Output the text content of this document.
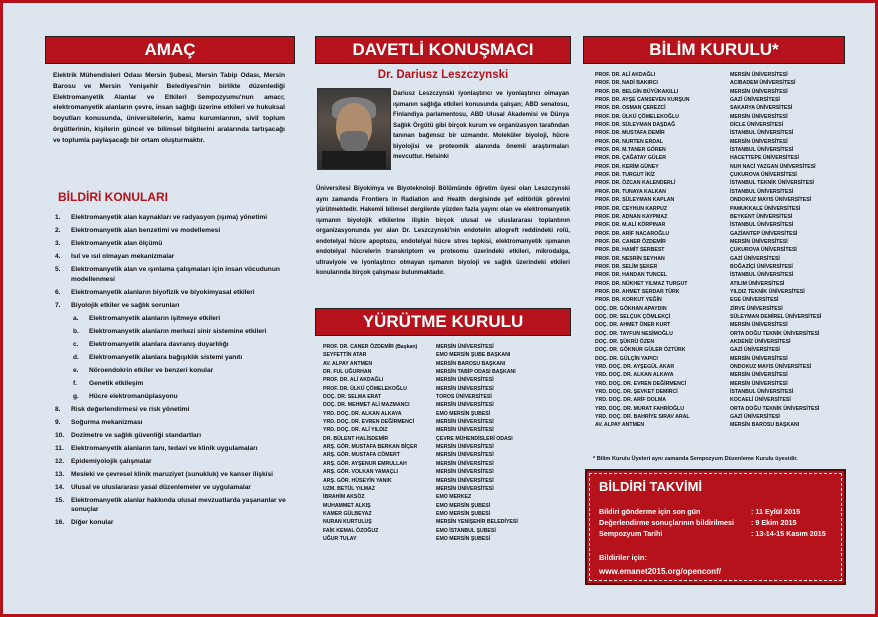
AMAÇ
Elektrik Mühendisleri Odası Mersin Şubesi, Mersin Tabip Odası, Mersin Barosu ve Mersin Yenişehir Belediyesi'nin birlikte düzenlediği Elektromanyetik Alanlar ve Etkileri Sempozyumu'nun amacı; elektromanyetik alanların çevre, insan sağlığı üzerine etkileri ve hukuksal boyutları konusunda, üniversitelerin, kamu kurumlarının, sivil toplum örgütlerinin, kişilerin güncel ve bilimsel bilgilerini aralarında tartışacağı ve toplumla paylaşacağı bir ortam oluşturmaktır.
BİLDİRİ KONULARI
1.	Elektromanyetik alan kaynakları ve radyasyon (ışıma) yönetimi
2.	Elektromanyetik alan benzetimi ve modellemesi
3.	Elektromanyetik alan ölçümü
4.	Isıl ve ısıl olmayan mekanizmalar
5.	Elektromanyetik alan ve ışınlama çalışmaları için insan vücudunun modellenmesi
6.	Elektromanyetik alanların biyofizik ve biyokimyasal etkileri
7.	Biyolojik etkiler ve sağlık sorunları
a.	Elektromanyetik alanların işitmeye etkileri
b.	Elektromanyetik alanların merkezi sinir sistemine etkileri
c.	Elektromanyetik alanlara davranış duyarlılığı
d.	Elektromanyetik alanlara bağışıklık sistemi yanıtı
e.	Nöroendokrin etkiler ve benzeri konular
f.	Genetik etkileşim
g.	Hücre elektromanüplasyonu
8.	Risk değerlendirmesi ve risk yönetimi
9.	Soğurma mekanizması
10.	Dozimetre ve sağlık güvenliği standartları
11.	Elektromanyetik alanların tanı, tedavi ve klinik uygulamaları
12.	Epidemiyolojik çalışmalar
13.	Mesleki ve çevresel klinik maruziyet (sunukluk) ve kanser ilişkisi
14.	Ulusal ve uluslararası yasal düzenlemeler ve uygulamalar
15.	Elektromanyetik alanlar hakkında ulusal mevzuatlarda yaşananlar ve sonuçlar
16.	Diğer konular
DAVETLİ KONUŞMACI
Dr. Dariusz Leszczynski
Dariusz Leszczynski iyonlaştırıcı ve iyonlaştırıcı olmayan ışımanın sağlığa etkileri konusunda çalışan; ABD senatosu, Finlandiya parlamentosu, ABD Ulusal Akademisi ve Dünya Sağlık Örgütü gibi birçok kurum ve organizasyon tarafından tanınan bağımsız bir uzmandır. Moleküler biyoloji, hücre biyolojisi ve proteomik alanında önemli araştırmaları mevcuttur. Helsinki
Üniversitesi Biyokimya ve Biyoteknoloji Bölümünde öğretim üyesi olan Leszczynski aynı zamanda Frontiers in Radiation and Health dergisinde şef editörlük görevini yürütmektedir. Hakemli bilimsel dergilerde yüzden fazla yayını olan ve elektromanyetik ışımanın biyolojik etkilerine ilişkin birçok ulusal ve uluslararası toplantının organizasyonunda yer alan Dr. Leszczynski'nin endotelin allogreft reddindeki rolü, endotelyal hücre apoptozu, endotelyal hücre stres tepkisi, elektromanyetik ışımanın endotelyal hücrelerin transkriptom ve proteomu üzerindeki etkileri, mikrodalga, ultraviyole ve iyonlaştırıcı olmayan ışımanın biyoloji ve sağlık üzerindeki etkileri konularında birçok çalışması bulunmaktadır.
YÜRÜTME KURULU
PROF. DR. CANER ÖZDEMİR (Başkan)	MERSİN ÜNİVERSİTESİ
SEYFETTİN ATAR	EMO MERSİN ŞUBE BAŞKANI
AV. ALPAY ANTMEN	MERSİN BAROSU BAŞKANI
DR. FUL UĞURHAN	MERSİN TABİP ODASI BAŞKANI
PROF. DR. ALİ AKDAĞLI	MERSİN ÜNİVERSİTESİ
PROF. DR. ÜLKÜ ÇÖMELEKOĞLU	MERSİN ÜNİVERSİTESİ
DOÇ. DR. SELMA ERAT	TOROS ÜNİVERSİTESİ
DOÇ. DR. MEHMET ALİ MAZMANCI	MERSİN ÜNİVERSİTESİ
YRD. DOÇ. DR. ALKAN ALKAYA	EMO MERSİN ŞUBESİ
YRD. DOÇ. DR. EVREN DEĞİRMENCİ	MERSİN ÜNİVERSİTESİ
YRD. DOÇ. DR. ALİ YILDIZ	MERSİN ÜNİVERSİTESİ
DR. BÜLENT HALİSDEMİR	ÇEVRE MÜHENDİSLERİ ODASI
ARŞ. GÖR. MUSTAFA BERKAN BİÇER	MERSİN ÜNİVERSİTESİ
ARŞ. GÖR. MUSTAFA CÖMERT	MERSİN ÜNİVERSİTESİ
ARŞ. GÖR. AYŞENUR EMRULLAH	MERSİN ÜNİVERSİTESİ
ARŞ. GÖR. VOLKAN YAMAÇLI	MERSİN ÜNİVERSİTESİ
ARŞ. GÖR. HÜSEYİN YANIK	MERSİN ÜNİVERSİTESİ
UZM. BETÜL YILMAZ	MERSİN ÜNİVERSİTESİ
İBRAHİM AKSÖZ	EMO MERKEZ
MUHAMMET ALKIŞ	EMO MERSİN ŞUBESİ
KAMER GÜLBEYAZ	EMO MERSİN ŞUBESİ
NURAN KURTULUŞ	MERSİN YENİŞEHİR BELEDİYESİ
FAİK KEMAL ÖZOĞUZ	EMO İSTANBUL ŞUBESİ
UĞUR TULAY	EMO MERSİN ŞUBESİ
BİLİM KURULU*
PROF. DR. ALİ AKDAĞLI	MERSİN ÜNİVERSİTESİ
PROF. DR. NADİ BAKIRCI	ACIBADEM ÜNİVERSİTESİ
PROF. DR. BELGİN BÜYÜKAKILLI	MERSİN ÜNİVERSİTESİ
PROF. DR. AYŞE CANSEVEN KURŞUN	GAZİ ÜNİVERSİTESİ
PROF. DR. OSMAN ÇEREZCİ	SAKARYA ÜNİVERSİTESİ
PROF. DR. ÜLKÜ ÇÖMELEKOĞLU	MERSİN ÜNİVERSİTESİ
PROF. DR. SÜLEYMAN DAŞDAĞ	DİCLE ÜNİVERSİTESİ
PROF. DR. MUSTAFA DEMİR	İSTANBUL ÜNİVERSİTESİ
PROF. DR. NURTEN ERDAL	MERSİN ÜNİVERSİTESİ
PROF. DR. M.TANER GÖREN	İSTANBUL ÜNİVERSİTESİ
PROF. DR. ÇAĞATAY GÜLER	HACETTEPE ÜNİVERSİTESİ
PROF. DR. KERİM GÜNEY	NUH NACİ YAZGAN ÜNİVERSİTESİ
PROF. DR. TURGUT İKİZ	ÇUKUROVA ÜNİVERSİTESİ
PROF. DR. ÖZCAN KALENDERLİ	İSTANBUL TEKNİK ÜNİVERSİTESİ
PROF. DR. TUNAYA KALKAN	İSTANBUL ÜNİVERSİTESİ
PROF. DR. SÜLEYMAN KAPLAN	ONDOKUZ MAYIS ÜNİVERSİTESİ
PROF. DR. CEYHUN KARPUZ	PAMUKKALE ÜNİVERSİTESİ
PROF. DR. ADNAN KAYPMAZ	BEYKENT ÜNİVERSİTESİ
PROF. DR. M.ALİ KÖRPINAR	İSTANBUL ÜNİVERSİTESİ
PROF. DR. ARİF NACAROĞLU	GAZİANTEP ÜNİVERSİTESİ
PROF. DR. CANER ÖZDEMİR	MERSİN ÜNİVERSİTESİ
PROF. DR. HAMİT SERBEST	ÇUKUROVA ÜNİVERSİTESİ
PROF. DR. NESRİN SEYHAN	GAZİ ÜNİVERSİTESİ
PROF. DR. SELİM ŞEKER	BOĞAZİÇİ ÜNİVERSİTESİ
PROF. DR. HANDAN TUNCEL	İSTANBUL ÜNİVERSİTESİ
PROF. DR. NÜKHET YILMAZ TURGUT	ATILIM ÜNİVERSİTESİ
PROF. DR. AHMET SERDAR TÜRK	YILDIZ TEKNİK ÜNİVERSİTESİ
PROF. DR. KORKUT YEĞİN	EGE ÜNİVERSİTESİ
DOÇ. DR. GÖKHAN APAYDIN	ZİRVE ÜNİVERSİTESİ
DOÇ. DR. SELÇUK ÇÖMLEKÇİ	SÜLEYMAN DEMİREL ÜNİVERSİTESİ
DOÇ. DR. AHMET ÖNER KURT	MERSİN ÜNİVERSİTESİ
DOÇ. DR. TAYFUN NESİMOĞLU	ORTA DOĞU TEKNİK ÜNİVERSİTESİ
DOÇ. DR. ŞÜKRÜ ÖZEN	AKDENİZ ÜNİVERSİTESİ
DOÇ. DR. GÖKNUR GÜLER ÖZTÜRK	GAZİ ÜNİVERSİTESİ
DOÇ. DR. GÜLÇİN YAPICI	MERSİN ÜNİVERSİTESİ
YRD. DOÇ. DR. AYŞEGÜL AKAR	ONDOKUZ MAYIS ÜNİVERSİTESİ
YRD. DOÇ. DR. ALKAN ALKAYA	MERSİN ÜNİVERSİTESİ
YRD. DOÇ. DR. EVREN DEĞİRMENCİ	MERSİN ÜNİVERSİTESİ
YRD. DOÇ. DR. ŞEVKET DEMİRCİ	İSTANBUL ÜNİVERSİTESİ
YRD. DOÇ. DR. ARİF DOLMA	KOCAELİ ÜNİVERSİTESİ
YRD. DOÇ. DR. MURAT FAHRİOĞLU	ORTA DOĞU TEKNİK ÜNİVERSİTESİ
YRD. DOÇ. DR. BAHRİYE SIRAV ARAL	GAZİ ÜNİVERSİTESİ
AV. ALPAY ANTMEN	MERSİN BAROSU BAŞKANI
* Bilim Kurulu Üyeleri aynı zamanda Sempozyum Düzenleme Kurulu üyesidir.
BİLDİRİ TAKVİMİ
Bildiri gönderme için son gün	: 11 Eylül 2015
Değerlendirme sonuçlarının bildirilmesi	: 9 Ekim 2015
Sempozyum Tarihi	: 13-14-15 Kasım 2015
Bildiriler için:
www.emanet2015.org/openconf/
